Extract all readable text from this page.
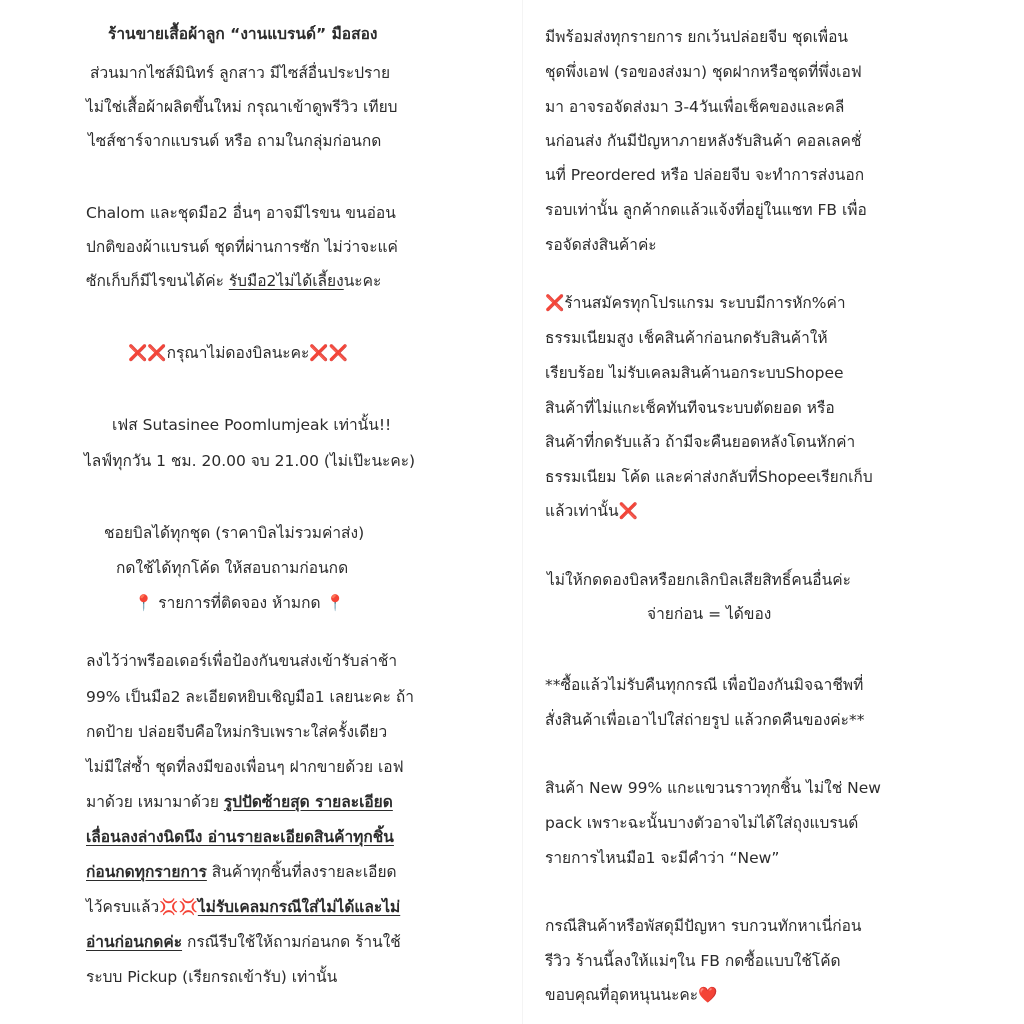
ร้านขายเสื้อผ้าลูก “งานแบรนด์” มือสอง
ส่วนมากไซส์มินิทร์ ลูกสาว มีไซส์อื่นประปราย
ไม่ใช่เสื้อผ้าผลิตขึ้นใหม่ กรุณาเข้าดูพรีวิว เทียบ
ไซส์ชาร์จากแบรนด์ หรือ ถามในกลุ่มก่อนกด
Chalom และชุดมือ2 อื่นๆ อาจมีไรขน ขนอ่อน
ปกติของผ้าแบรนด์ ชุดที่ผ่านการซัก ไม่ว่าจะแค่
ซักเก็บก็มีไรขนได้ค่ะ รับมือ2ไม่ได้เลี้ยงนะคะ
❌❌กรุณาไม่ดองบิลนะคะ❌❌
เฟส Sutasinee Poomlumjeak เท่านั้น!!
ไลฟ์ทุกวัน 1 ชม. 20.00 จบ 21.00 (ไม่เป๊ะนะคะ)
ชอยบิลได้ทุกชุด (ราคาบิลไม่รวมค่าส่ง)
กดใช้ได้ทุกโค้ด ให้สอบถามก่อนกด
📍 รายการที่ติดจอง ห้ามกด 📍
ลงไว้ว่าพรีออเดอร์เพื่อป้องกันขนส่งเข้ารับล่าช้า
99% เป็นมือ2 ละเอียดหยิบเชิญมือ1 เลยนะคะ ถ้า
กดป้าย ปล่อยจีบคือใหม่กริบเพราะใส่ครั้งเดียว
ไม่มีใส่ซ้ำ ชุดที่ลงมีของเพื่อนๆ ฝากขายด้วย เอฟ
มาด้วย เหมามาด้วย รูปปัดซ้ายสุด รายละเอียด
เลื่อนลงล่างนิดนึง อ่านรายละเอียดสินค้าทุกชิ้น
ก่อนกดทุกรายการ สินค้าทุกชิ้นที่ลงรายละเอียด
ไว้ครบแล้ว💢💢ไม่รับเคลมกรณีใส่ไม่ได้และไม่
อ่านก่อนกดค่ะ กรณีรีบใช้ให้ถามก่อนกด ร้านใช้
ระบบ Pickup (เรียกรถเข้ารับ) เท่านั้น
มีพร้อมส่งทุกรายการ ยกเว้นปล่อยจีบ ชุดเพื่อน
ชุดพึ่งเอฟ (รอของส่งมา) ชุดฝากหรือชุดที่พึ่งเอฟ
มา อาจรอจัดส่งมา 3-4วันเพื่อเช็คของและคลี
นก่อนส่ง กันมีปัญหาภายหลังรับสินค้า คอลเลคชั่
นที่ Preordered หรือ ปล่อยจีบ จะทำการส่งนอก
รอบเท่านั้น ลูกค้ากดแล้วแจ้งที่อยู่ในแชท FB เพื่อ
รอจัดส่งสินค้าค่ะ
❌ร้านสมัครทุกโปรแกรม ระบบมีการหัก%ค่า
ธรรมเนียมสูง เช็คสินค้าก่อนกดรับสินค้าให้
เรียบร้อย ไม่รับเคลมสินค้านอกระบบShopee
สินค้าที่ไม่แกะเช็คทันทีจนระบบตัดยอด หรือ
สินค้าที่กดรับแล้ว ถ้ามีจะคืนยอดหลังโดนหักค่า
ธรรมเนียม โค้ด และค่าส่งกลับที่Shopeeเรียกเก็บ
แล้วเท่านั้น❌
ไม่ให้กดดองบิลหรือยกเลิกบิลเสียสิทธิ์คนอื่นค่ะ
จ่ายก่อน = ได้ของ
**ซื้อแล้วไม่รับคืนทุกกรณี เพื่อป้องกันมิจฉาชีพที่
สั่งสินค้าเพื่อเอาไปใส่ถ่ายรูป แล้วกดคืนของค่ะ**
สินค้า New 99% แกะแขวนราวทุกชิ้น ไม่ใช่ New
pack เพราะฉะนั้นบางตัวอาจไม่ได้ใส่ถุงแบรนด์
รายการไหนมือ1 จะมีคำว่า “New”
กรณีสินค้าหรือพัสดุมีปัญหา รบกวนทักหาเนี่ก่อน
รีวิว ร้านนี้ลงให้แม่ๆใน FB กดซื้อแบบใช้โค้ด
ขอบคุณที่อุดหนุนนะคะ❤️
